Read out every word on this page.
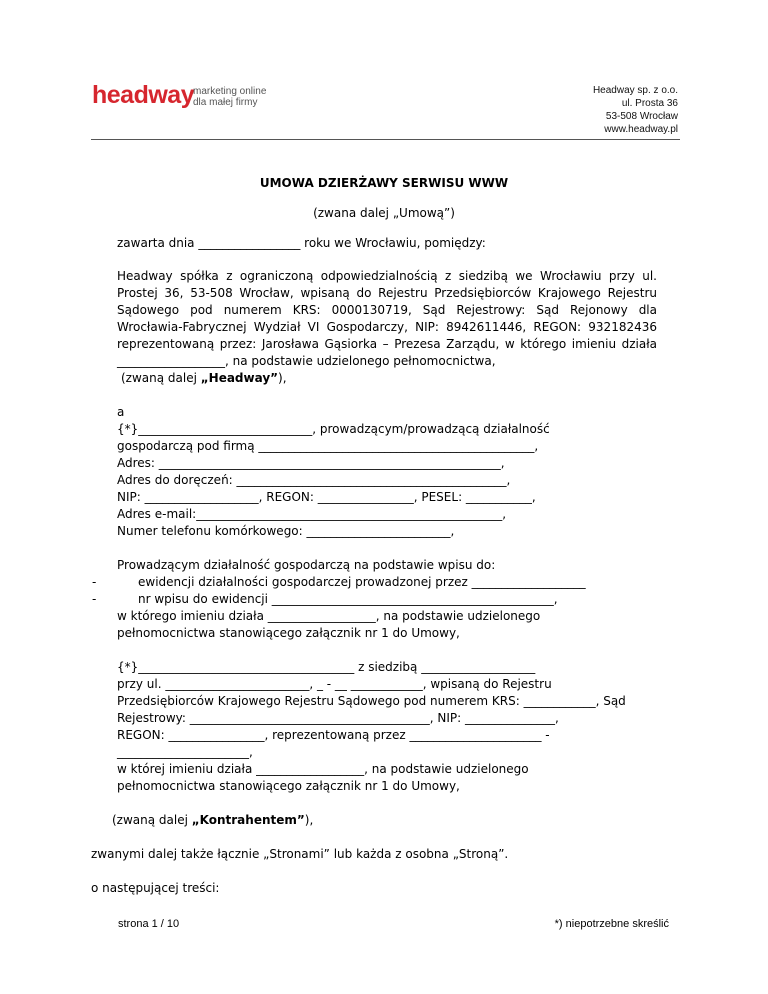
headway
marketing online
dla małej firmy
Headway sp. z o.o.
ul. Prosta 36
53-508 Wrocław
www.headway.pl
UMOWA DZIERŻAWY SERWISU WWW
(zwana dalej „Umową”)
zawarta dnia _________________ roku we Wrocławiu, pomiędzy:
Headway spółka z ograniczoną odpowiedzialnością z siedzibą we Wrocławiu przy ul. Prostej 36, 53-508 Wrocław, wpisaną do Rejestru Przedsiębiorców Krajowego Rejestru Sądowego pod numerem KRS: 0000130719, Sąd Rejestrowy: Sąd Rejonowy dla Wrocławia-Fabrycznej Wydział VI Gospodarczy, NIP: 8942611446, REGON: 932182436 reprezentowaną przez: Jarosława Gąsiorka – Prezesa Zarządu, w którego imieniu działa __________________, na podstawie udzielonego pełnomocnictwa,
(zwaną dalej „Headway”),
a
{*}_____________________________, prowadzącym/prowadzącą działalność
gospodarczą pod firmą ______________________________________________,
Adres: _________________________________________________________,
Adres do doręczeń: _____________________________________________,
NIP: ___________________, REGON: ________________, PESEL: ___________,
Adres e-mail:___________________________________________________,
Numer telefonu komórkowego: ________________________,
Prowadzącym działalność gospodarczą na podstawie wpisu do:
-	ewidencji działalności gospodarczej prowadzonej przez ___________________
-	nr wpisu do ewidencji _______________________________________________,
w którego imieniu działa __________________, na podstawie udzielonego
pełnomocnictwa stanowiącego załącznik nr 1 do Umowy,
{*}____________________________________ z siedzibą ___________________
przy ul. ________________________, _ - __ ____________, wpisaną do Rejestru
Przedsiębiorców Krajowego Rejestru Sądowego pod numerem KRS: ____________, Sąd
Rejestrowy: ________________________________________, NIP: _______________,
REGON: ________________, reprezentowaną przez ______________________ -
______________________,
w której imieniu działa __________________, na podstawie udzielonego
pełnomocnictwa stanowiącego załącznik nr 1 do Umowy,
(zwaną dalej „Kontrahentem”),
zwanymi dalej także łącznie „Stronami” lub każda z osobna „Stroną”.
o następującej treści:
strona 1 / 10	*) niepotrzebne skreślić
